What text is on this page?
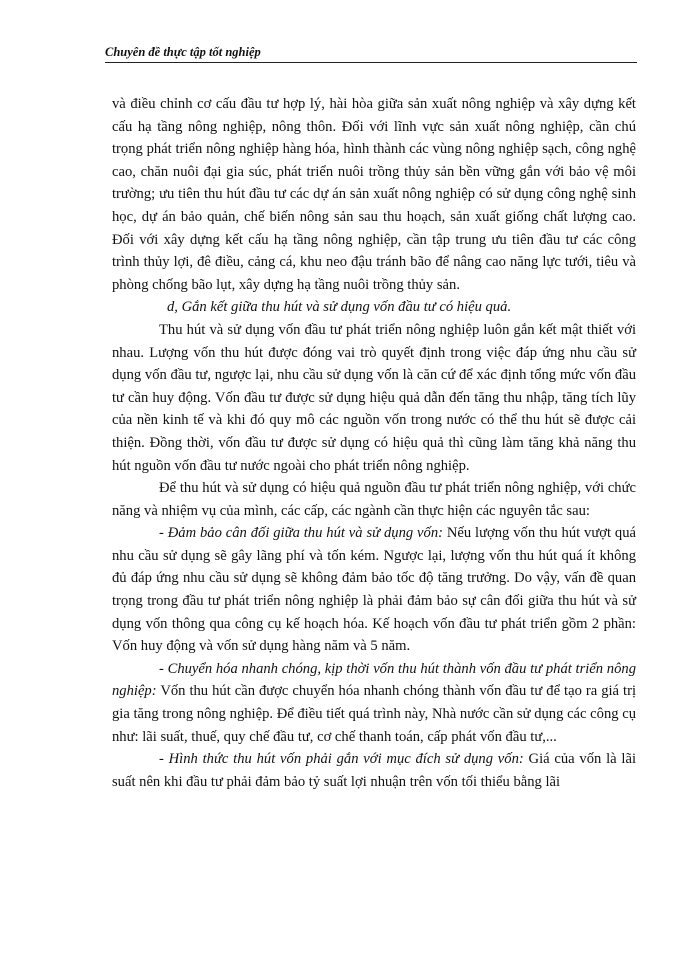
Chuyên đề thực tập tốt nghiệp

và điều chỉnh cơ cấu đầu tư hợp lý, hài hòa giữa sản xuất nông nghiệp và xây dựng kết cấu hạ tầng nông nghiệp, nông thôn. Đối với lĩnh vực sản xuất nông nghiệp, cần chú trọng phát triển nông nghiệp hàng hóa, hình thành các vùng nông nghiệp sạch, công nghệ cao, chăn nuôi đại gia súc, phát triển nuôi trồng thủy sản bền vững gắn với bảo vệ môi trường; ưu tiên thu hút đầu tư các dự án sản xuất nông nghiệp có sử dụng công nghệ sinh học, dự án bảo quản, chế biến nông sản sau thu hoạch, sản xuất giống chất lượng cao. Đối với xây dựng kết cấu hạ tầng nông nghiệp, cần tập trung ưu tiên đầu tư các công trình thủy lợi, đê điều, cảng cá, khu neo đậu tránh bão để nâng cao năng lực tưới, tiêu và phòng chống bão lụt, xây dựng hạ tầng nuôi trồng thủy sản.

d, Gắn kết giữa thu hút và sử dụng vốn đầu tư có hiệu quả.

Thu hút và sử dụng vốn đầu tư phát triển nông nghiệp luôn gắn kết mật thiết với nhau. Lượng vốn thu hút được đóng vai trò quyết định trong việc đáp ứng nhu cầu sử dụng vốn đầu tư, ngược lại, nhu cầu sử dụng vốn là căn cứ để xác định tổng mức vốn đầu tư cần huy động. Vốn đầu tư được sử dụng hiệu quả dẫn đến tăng thu nhập, tăng tích lũy của nền kinh tế và khi đó quy mô các nguồn vốn trong nước có thể thu hút sẽ được cải thiện. Đồng thời, vốn đầu tư được sử dụng có hiệu quả thì cũng làm tăng khả năng thu hút nguồn vốn đầu tư nước ngoài cho phát triển nông nghiệp.

Để thu hút và sử dụng có hiệu quả nguồn đầu tư phát triển nông nghiệp, với chức năng và nhiệm vụ của mình, các cấp, các ngành cần thực hiện các nguyên tắc sau:

- Đảm bảo cân đối giữa thu hút và sử dụng vốn: Nếu lượng vốn thu hút vượt quá nhu cầu sử dụng sẽ gây lãng phí và tốn kém. Ngược lại, lượng vốn thu hút quá ít không đủ đáp ứng nhu cầu sử dụng sẽ không đảm bảo tốc độ tăng trưởng. Do vậy, vấn đề quan trọng trong đầu tư phát triển nông nghiệp là phải đảm bảo sự cân đối giữa thu hút và sử dụng vốn thông qua công cụ kế hoạch hóa. Kế hoạch vốn đầu tư phát triển gồm 2 phần: Vốn huy động và vốn sử dụng hàng năm và 5 năm.

- Chuyển hóa nhanh chóng, kịp thời vốn thu hút thành vốn đầu tư phát triển nông nghiệp: Vốn thu hút cần được chuyển hóa nhanh chóng thành vốn đầu tư để tạo ra giá trị gia tăng trong nông nghiệp. Để điều tiết quá trình này, Nhà nước cần sử dụng các công cụ như: lãi suất, thuế, quy chế đầu tư, cơ chế thanh toán, cấp phát vốn đầu tư,...

- Hình thức thu hút vốn phải gắn với mục đích sử dụng vốn: Giá của vốn là lãi suất nên khi đầu tư phải đảm bảo tỷ suất lợi nhuận trên vốn tối thiểu bằng lãi
